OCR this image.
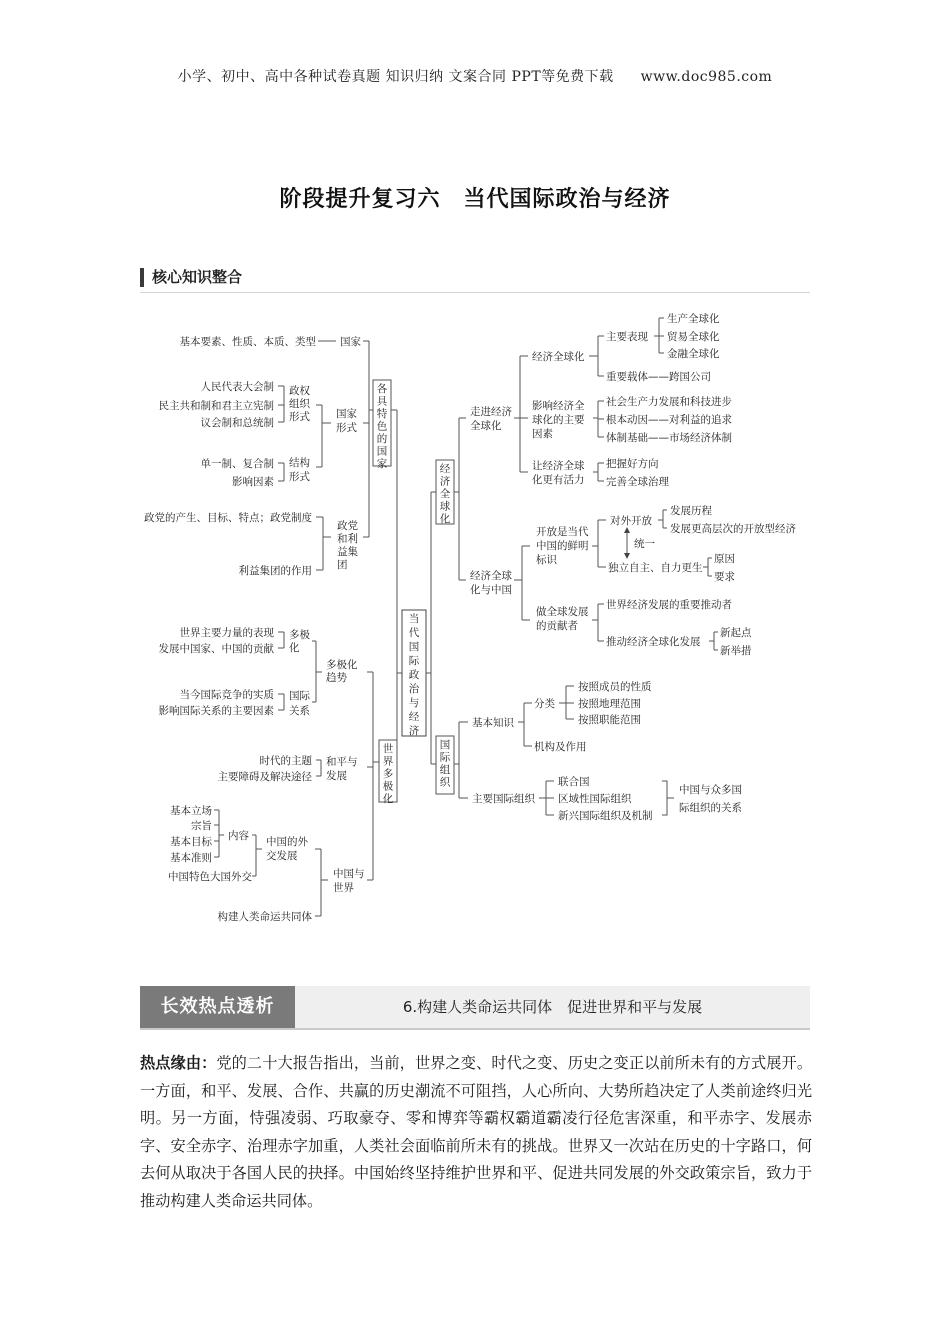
小学、初中、高中各种试卷真题 知识归纳 文案合同 PPT等免费下载 www.doc985.com
阶段提升复习六　当代国际政治与经济
核心知识整合
当代国际政治与经济
各具特色的国家
国家
基本要素、性质、本质、类型
国家
形式
政权
组织
形式
人民代表大会制
民主共和制和君主立宪制
议会制和总统制
结构
形式
单一制、复合制
影响因素
政党
和利
益集
团
政党的产生、目标、特点；政党制度
利益集团的作用
世界多极化
多极化
趋势
多极
化
世界主要力量的表现
发展中国家、中国的贡献
国际
关系
当今国际竞争的实质
影响国际关系的主要因素
和平与
发展
时代的主题
主要障碍及解决途径
中国与
世界
构建人类命运共同体
中国的外
交发展
中国特色大国外交
内容
基本立场
宗旨
基本目标
基本准则
经济全球化
走进经济
全球化
经济全球化
主要表现
重要载体——跨国公司
生产全球化
贸易全球化
金融全球化
影响经济全
球化的主要
因素
社会生产力发展和科技进步
根本动因——对利益的追求
体制基础——市场经济体制
让经济全球
化更有活力
把握好方向
完善全球治理
经济全球
化与中国
开放是当代
中国的鲜明
标识
对外开放
发展历程
发展更高层次的开放型经济
统一
独立自主、自力更生
原因
要求
做全球发展
的贡献者
世界经济发展的重要推动者
推动经济全球化发展
新起点
新举措
国际组织
基本知识
分类
按照成员的性质
按照地理范围
按照职能范围
机构及作用
主要国际组织
联合国
区域性国际组织
新兴国际组织及机制
中国与众多国
际组织的关系
长效热点透析	6.构建人类命运共同体　促进世界和平与发展
热点缘由：党的二十大报告指出，当前，世界之变、时代之变、历史之变正以前所未有的方式展开。一方面，和平、发展、合作、共赢的历史潮流不可阻挡，人心所向、大势所趋决定了人类前途终归光明。另一方面，恃强凌弱、巧取豪夺、零和博弈等霸权霸道霸凌行径危害深重，和平赤字、发展赤字、安全赤字、治理赤字加重，人类社会面临前所未有的挑战。世界又一次站在历史的十字路口，何去何从取决于各国人民的抉择。中国始终坚持维护世界和平、促进共同发展的外交政策宗旨，致力于推动构建人类命运共同体。
